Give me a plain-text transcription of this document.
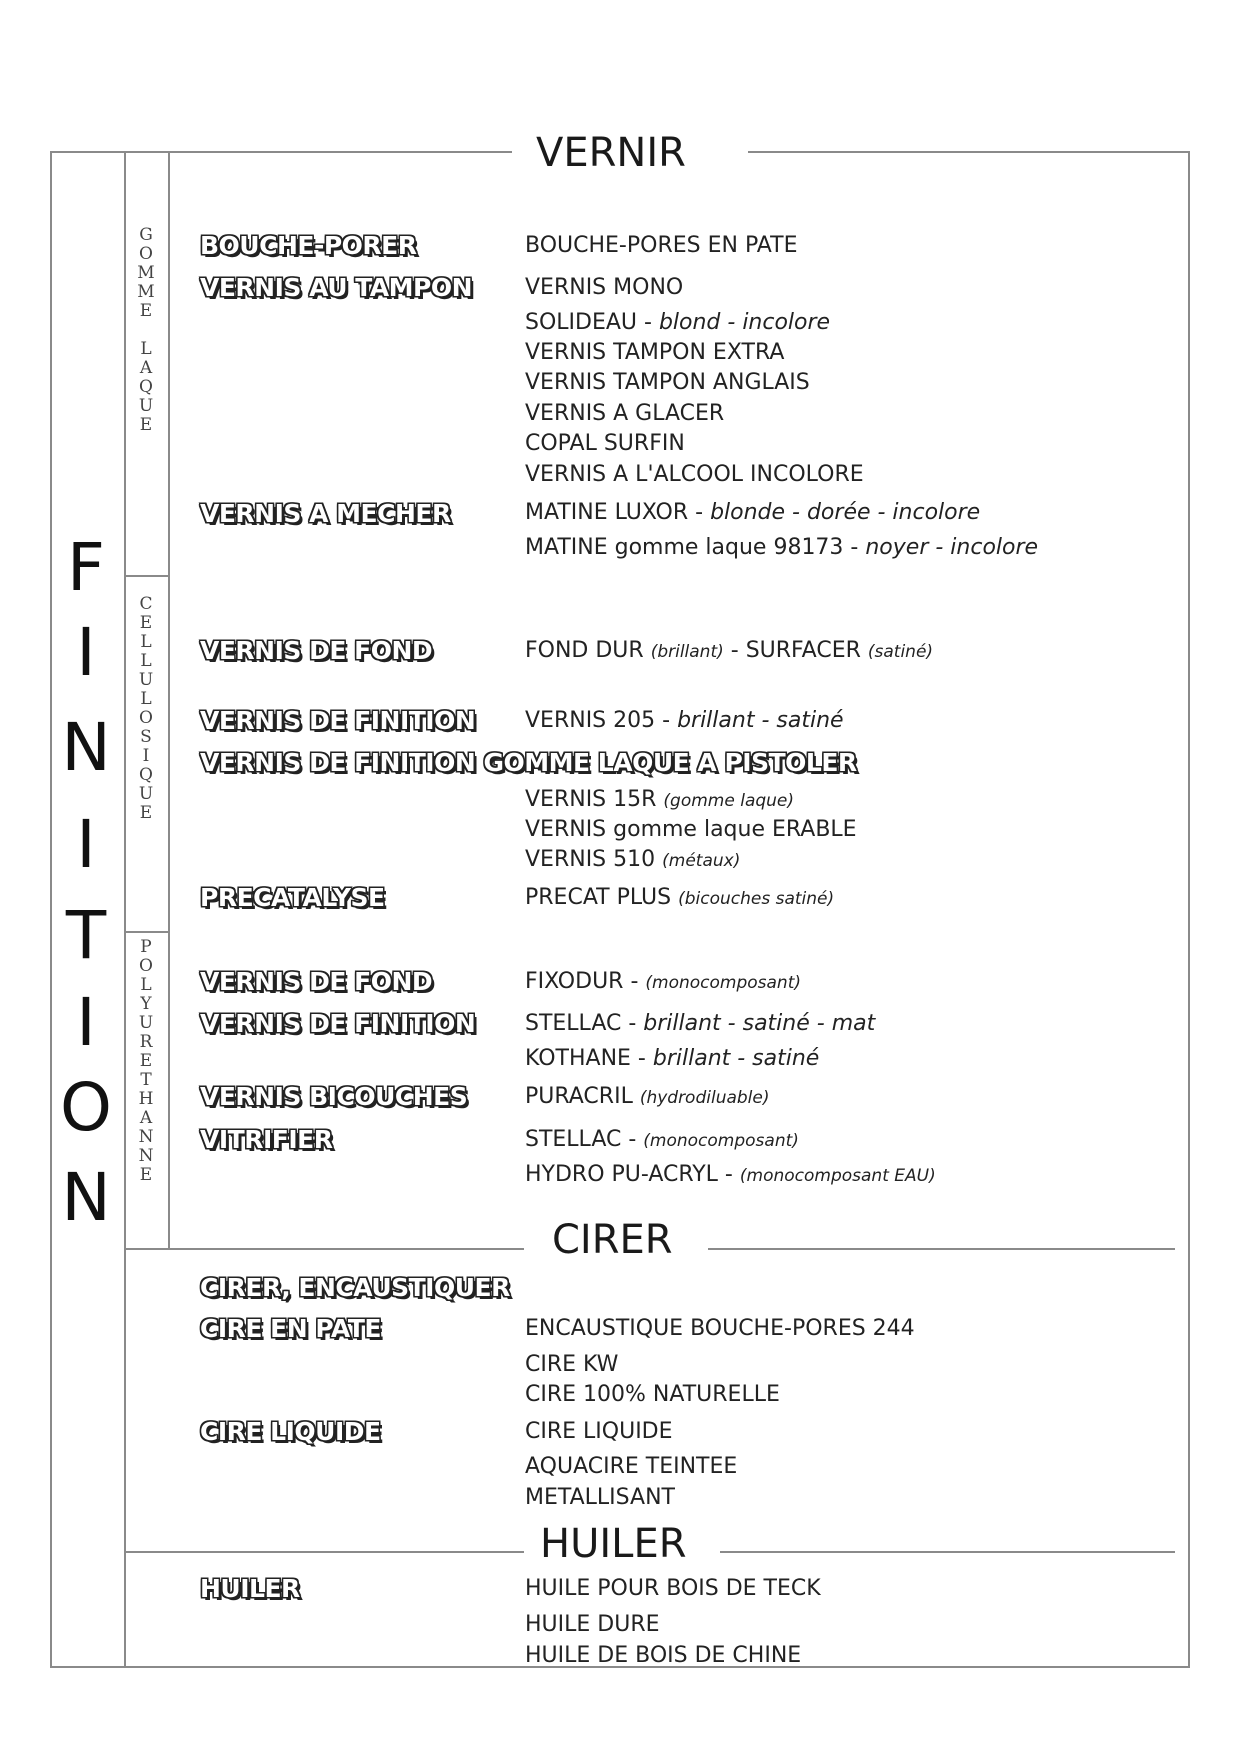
VERNIR
CIRER
HUILER
F
I
N
I
T
I
O
N
G
O
M
M
E
L
A
Q
U
E
C
E
L
L
U
L
O
S
I
Q
U
E
P
O
L
Y
U
R
E
T
H
A
N
N
E
BOUCHE-PORER
VERNIS AU TAMPON
VERNIS A MECHER
VERNIS DE FOND
VERNIS DE FINITION
VERNIS DE FINITION GOMME LAQUE A PISTOLER
PRECATALYSE
VERNIS DE FOND
VERNIS DE FINITION
VERNIS BICOUCHES
VITRIFIER
CIRER, ENCAUSTIQUER
CIRE EN PATE
CIRE LIQUIDE
HUILER
BOUCHE-PORES EN PATE
VERNIS MONO
SOLIDEAU - blond - incolore
VERNIS TAMPON EXTRA
VERNIS TAMPON ANGLAIS
VERNIS A GLACER
COPAL SURFIN
VERNIS A L'ALCOOL INCOLORE
MATINE LUXOR - blonde - dorée - incolore
MATINE gomme laque 98173 - noyer - incolore
FOND DUR (brillant) - SURFACER (satiné)
VERNIS 205 - brillant - satiné
VERNIS 15R (gomme laque)
VERNIS gomme laque ERABLE
VERNIS 510 (métaux)
PRECAT PLUS (bicouches satiné)
FIXODUR - (monocomposant)
STELLAC - brillant - satiné - mat
KOTHANE - brillant - satiné
PURACRIL (hydrodiluable)
STELLAC - (monocomposant)
HYDRO PU-ACRYL - (monocomposant EAU)
ENCAUSTIQUE BOUCHE-PORES 244
CIRE KW
CIRE 100% NATURELLE
CIRE LIQUIDE
AQUACIRE TEINTEE
METALLISANT
HUILE POUR BOIS DE TECK
HUILE DURE
HUILE DE BOIS DE CHINE
